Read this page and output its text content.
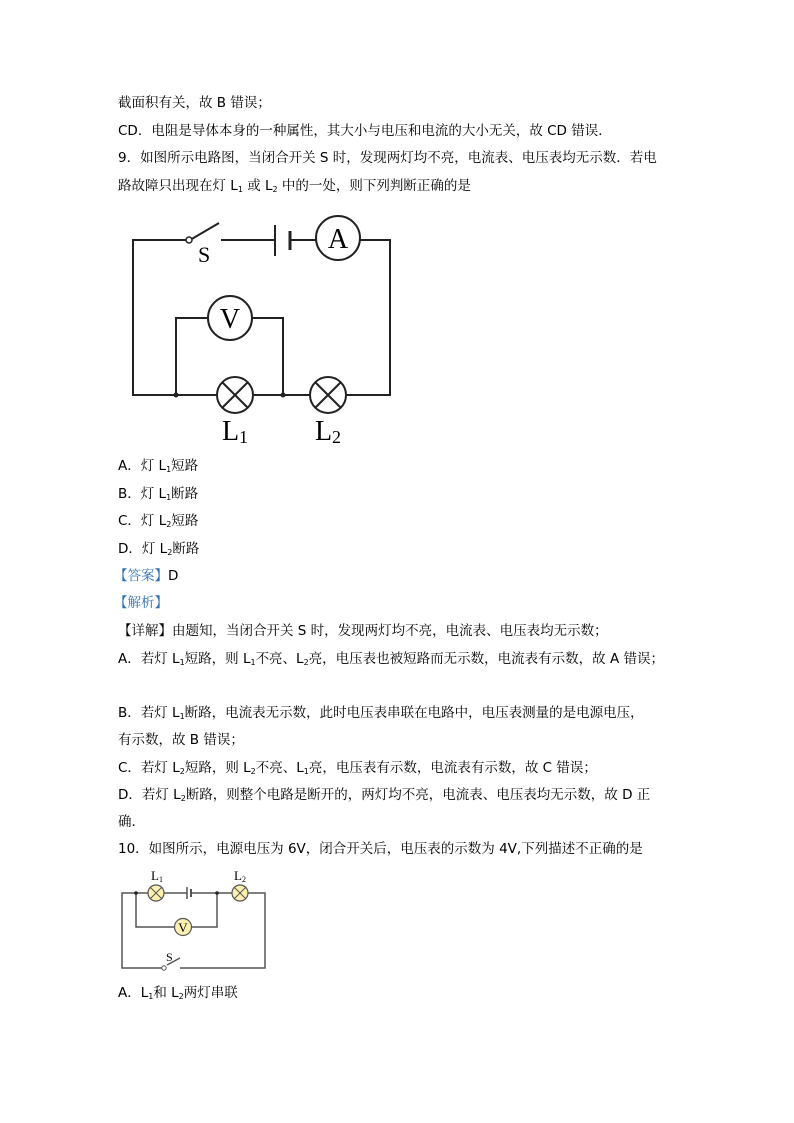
截面积有关，故 B 错误；
CD．电阻是导体本身的一种属性，其大小与电压和电流的大小无关，故 CD 错误．
9．如图所示电路图，当闭合开关 S 时，发现两灯均不亮，电流表、电压表均无示数．若电
路故障只出现在灯 $L_1$ 或 $L_2$ 中的一处，则下列判断正确的是
A．灯 $L_1$短路
B．灯 $L_1$断路
C．灯 $L_2$短路
D．灯 $L_2$断路
【答案】D
【解析】
【详解】由题知，当闭合开关 S 时，发现两灯均不亮，电流表、电压表均无示数；
A．若灯 $L_1$短路，则 $L_1$不亮、$L_2$亮，电压表也被短路而无示数，电流表有示数，故 A 错误；
B．若灯 $L_1$断路，电流表无示数，此时电压表串联在电路中，电压表测量的是电源电压，
有示数，故 B 错误；
C．若灯 $L_2$短路，则 $L_2$不亮、$L_1$亮，电压表有示数，电流表有示数，故 C 错误；
D．若灯 $L_2$断路，则整个电路是断开的，两灯均不亮，电流表、电压表均无示数，故 D 正
确．
10．如图所示，电源电压为 6V，闭合开关后，电压表的示数为 4V,下列描述不正确的是
A．$L_1$和 $L_2$两灯串联
S	A
V
L 1 L 2
V
S
L 1	L 2
